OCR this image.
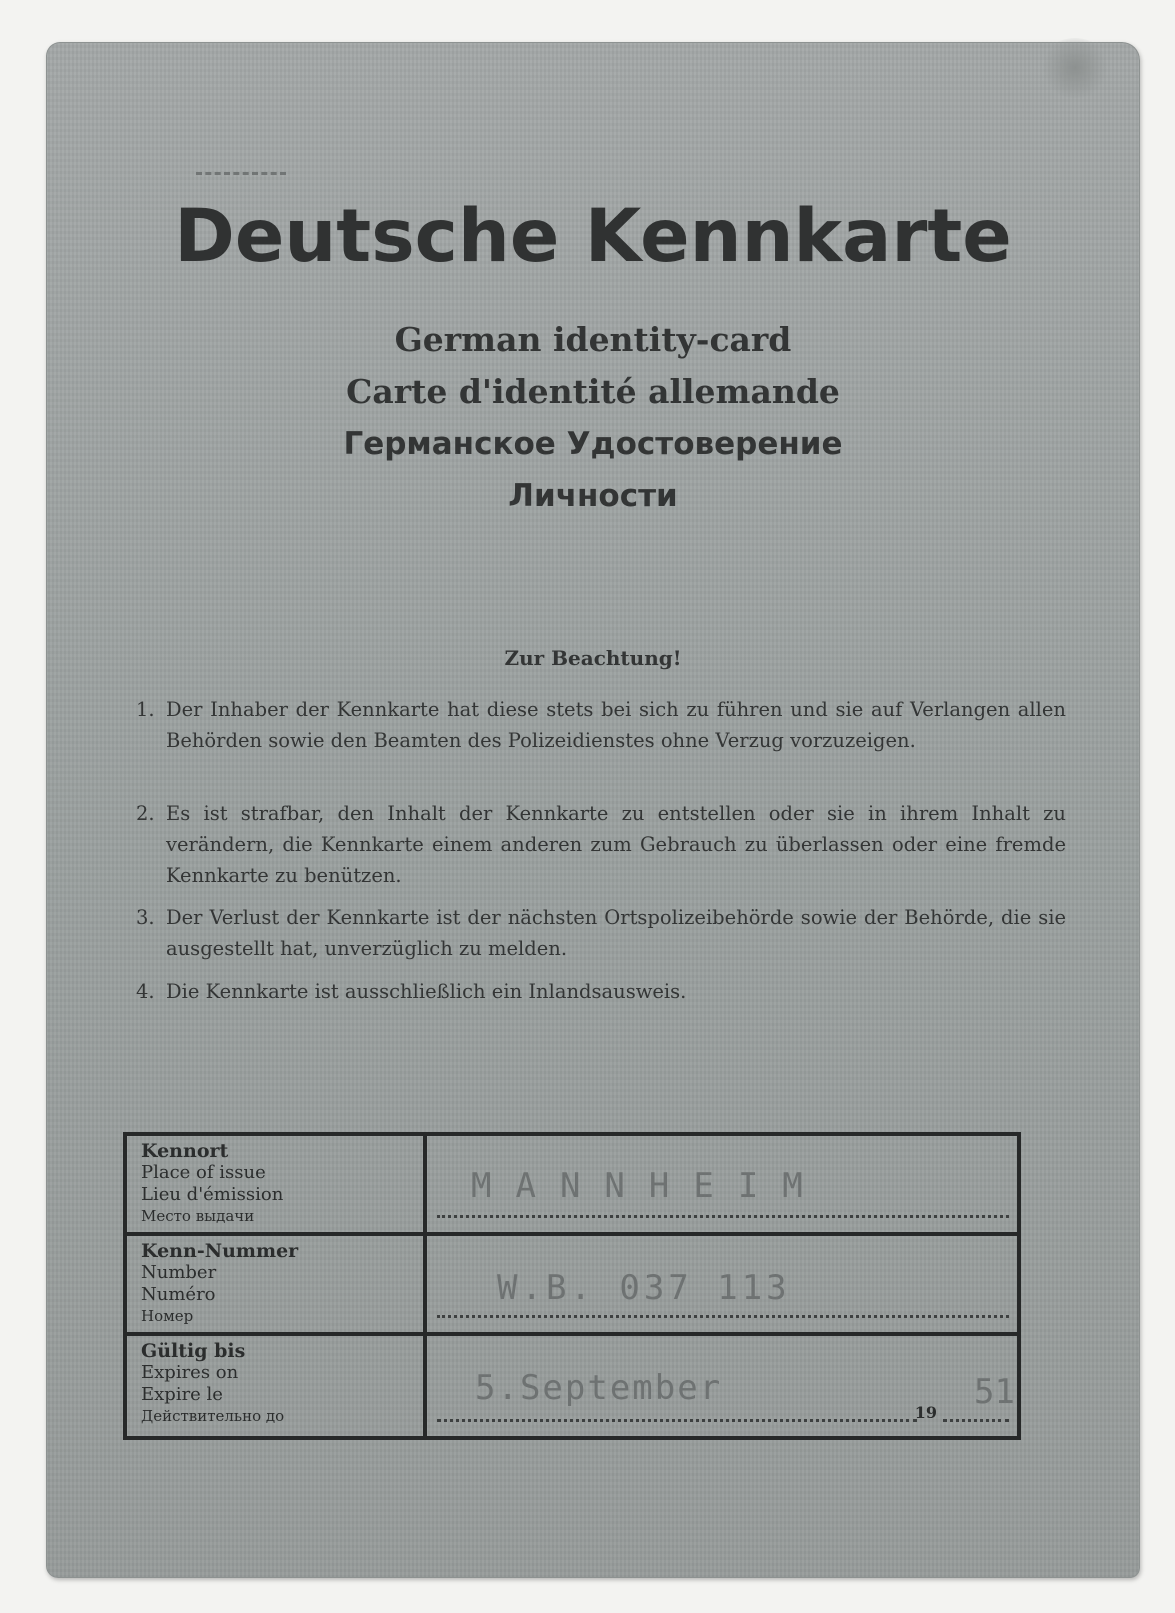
Deutsche Kennkarte
German identity-card
Carte d'identité allemande
Германское Удостоверение
Личности
Zur Beachtung!
1. Der Inhaber der Kennkarte hat diese stets bei sich zu führen und sie auf Verlangen allen Behörden sowie den Beamten des Polizeidienstes ohne Verzug vorzuzeigen.
2. Es ist strafbar, den Inhalt der Kennkarte zu entstellen oder sie in ihrem Inhalt zu verändern, die Kennkarte einem anderen zum Gebrauch zu überlassen oder eine fremde Kennkarte zu benützen.
3. Der Verlust der Kennkarte ist der nächsten Ortspolizeibehörde sowie der Behörde, die sie ausgestellt hat, unverzüglich zu melden.
4. Die Kennkarte ist ausschließlich ein Inlandsausweis.
Kennort
Place of issue
Lieu d'émission
Место выдачи
MANNHEIM
Kenn-Nummer
Number
Numéro
Номер
W.B. 037 113
Gültig bis
Expires on
Expire le
Действительно до
5.September	51
19
